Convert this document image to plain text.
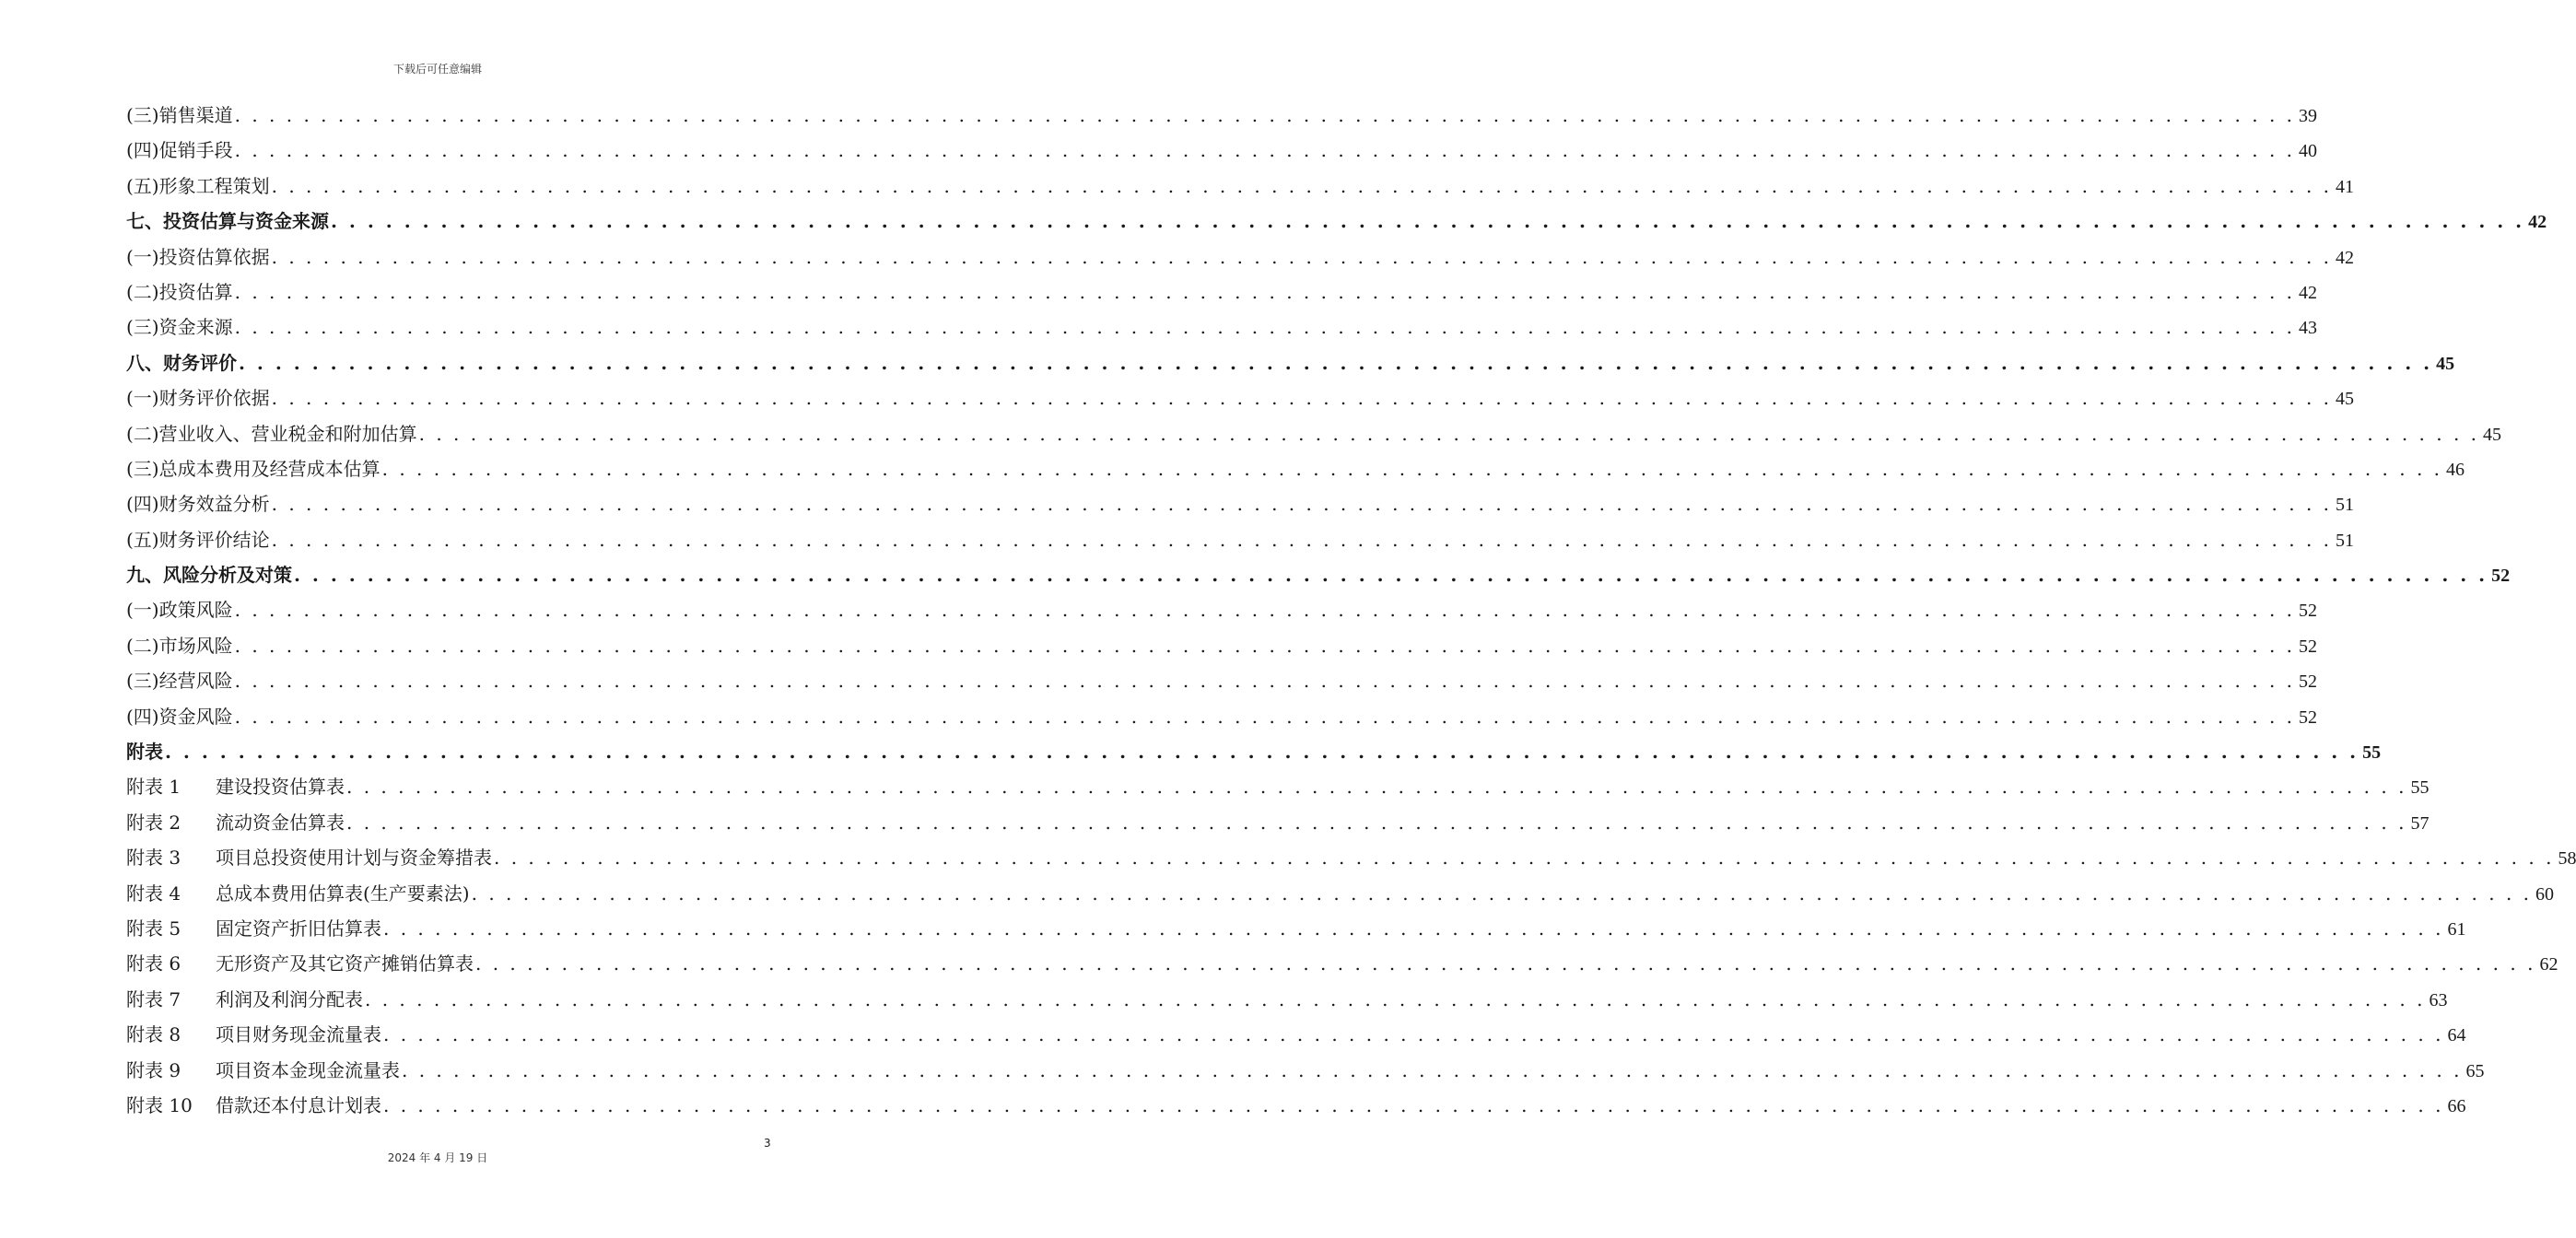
下载后可任意编辑
(三)销售渠道 . . . . . . . . . . . . . . . . . . . . . . . . . . . . . . . . . . . . . . . . . . . . . . . . . . . . . . . . . . . . . . . . . . . . . . . . . . . . . . . . . . . . . . . . . . . . . . . . . . . . . . . . . . . . . . . . . . . . . . . . 39
(四)促销手段 . . . . . . . . . . . . . . . . . . . . . . . . . . . . . . . . . . . . . . . . . . . . . . . . . . . . . . . . . . . . . . . . . . . . . . . . . . . . . . . . . . . . . . . . . . . . . . . . . . . . . . . . . . . . . . . . . . . . . . . . 40
(五)形象工程策划 . . . . . . . . . . . . . . . . . . . . . . . . . . . . . . . . . . . . . . . . . . . . . . . . . . . . . . . . . . . . . . . . . . . . . . . . . . . . . . . . . . . . . . . . . . . . . . . . . . . . . . . . . . . . . . . . . . . . . . . . 41
七、投资估算与资金来源 . . . . . . . . . . . . . . . . . . . . . . . . . . . . . . . . . . . . . . . . . . . . . . . . . . . . . . . . . . . . . . . . . . . . . . . . . . . . . . . . . . . . . . . . . . . . . . . . . . . . . . . . . . . . . . . . . . . . . . . . 42
(一)投资估算依据 . . . . . . . . . . . . . . . . . . . . . . . . . . . . . . . . . . . . . . . . . . . . . . . . . . . . . . . . . . . . . . . . . . . . . . . . . . . . . . . . . . . . . . . . . . . . . . . . . . . . . . . . . . . . . . . . . . . . . . . . 42
(二)投资估算 . . . . . . . . . . . . . . . . . . . . . . . . . . . . . . . . . . . . . . . . . . . . . . . . . . . . . . . . . . . . . . . . . . . . . . . . . . . . . . . . . . . . . . . . . . . . . . . . . . . . . . . . . . . . . . . . . . . . . . . . 42
(三)资金来源 . . . . . . . . . . . . . . . . . . . . . . . . . . . . . . . . . . . . . . . . . . . . . . . . . . . . . . . . . . . . . . . . . . . . . . . . . . . . . . . . . . . . . . . . . . . . . . . . . . . . . . . . . . . . . . . . . . . . . . . . 43
八、财务评价 . . . . . . . . . . . . . . . . . . . . . . . . . . . . . . . . . . . . . . . . . . . . . . . . . . . . . . . . . . . . . . . . . . . . . . . . . . . . . . . . . . . . . . . . . . . . . . . . . . . . . . . . . . . . . . . . . . . . . . . . 45
(一)财务评价依据 . . . . . . . . . . . . . . . . . . . . . . . . . . . . . . . . . . . . . . . . . . . . . . . . . . . . . . . . . . . . . . . . . . . . . . . . . . . . . . . . . . . . . . . . . . . . . . . . . . . . . . . . . . . . . . . . . . . . . . . . 45
(二)营业收入、营业税金和附加估算 . . . . . . . . . . . . . . . . . . . . . . . . . . . . . . . . . . . . . . . . . . . . . . . . . . . . . . . . . . . . . . . . . . . . . . . . . . . . . . . . . . . . . . . . . . . . . . . . . . . . . . . . . . . . . . . . . . . . . . . . 45
(三)总成本费用及经营成本估算 . . . . . . . . . . . . . . . . . . . . . . . . . . . . . . . . . . . . . . . . . . . . . . . . . . . . . . . . . . . . . . . . . . . . . . . . . . . . . . . . . . . . . . . . . . . . . . . . . . . . . . . . . . . . . . . . . . . . . . . . 46
(四)财务效益分析 . . . . . . . . . . . . . . . . . . . . . . . . . . . . . . . . . . . . . . . . . . . . . . . . . . . . . . . . . . . . . . . . . . . . . . . . . . . . . . . . . . . . . . . . . . . . . . . . . . . . . . . . . . . . . . . . . . . . . . . . 51
(五)财务评价结论 . . . . . . . . . . . . . . . . . . . . . . . . . . . . . . . . . . . . . . . . . . . . . . . . . . . . . . . . . . . . . . . . . . . . . . . . . . . . . . . . . . . . . . . . . . . . . . . . . . . . . . . . . . . . . . . . . . . . . . . . 51
九、风险分析及对策 . . . . . . . . . . . . . . . . . . . . . . . . . . . . . . . . . . . . . . . . . . . . . . . . . . . . . . . . . . . . . . . . . . . . . . . . . . . . . . . . . . . . . . . . . . . . . . . . . . . . . . . . . . . . . . . . . . . . . . . . 52
(一)政策风险 . . . . . . . . . . . . . . . . . . . . . . . . . . . . . . . . . . . . . . . . . . . . . . . . . . . . . . . . . . . . . . . . . . . . . . . . . . . . . . . . . . . . . . . . . . . . . . . . . . . . . . . . . . . . . . . . . . . . . . . . 52
(二)市场风险 . . . . . . . . . . . . . . . . . . . . . . . . . . . . . . . . . . . . . . . . . . . . . . . . . . . . . . . . . . . . . . . . . . . . . . . . . . . . . . . . . . . . . . . . . . . . . . . . . . . . . . . . . . . . . . . . . . . . . . . . 52
(三)经营风险 . . . . . . . . . . . . . . . . . . . . . . . . . . . . . . . . . . . . . . . . . . . . . . . . . . . . . . . . . . . . . . . . . . . . . . . . . . . . . . . . . . . . . . . . . . . . . . . . . . . . . . . . . . . . . . . . . . . . . . . . 52
(四)资金风险 . . . . . . . . . . . . . . . . . . . . . . . . . . . . . . . . . . . . . . . . . . . . . . . . . . . . . . . . . . . . . . . . . . . . . . . . . . . . . . . . . . . . . . . . . . . . . . . . . . . . . . . . . . . . . . . . . . . . . . . . 52
附表 . . . . . . . . . . . . . . . . . . . . . . . . . . . . . . . . . . . . . . . . . . . . . . . . . . . . . . . . . . . . . . . . . . . . . . . . . . . . . . . . . . . . . . . . . . . . . . . . . . . . . . . . . . . . . . . . . . . . . . . . 55
附表 1 建设投资估算表 . . . . . . . . . . . . . . . . . . . . . . . . . . . . . . . . . . . . . . . . . . . . . . . . . . . . . . . . . . . . . . . . . . . . . . . . . . . . . . . . . . . . . . . . . . . . . . . . . . . . . . . . . . . . . . . . . . . . . . . . 55
附表 2 流动资金估算表 . . . . . . . . . . . . . . . . . . . . . . . . . . . . . . . . . . . . . . . . . . . . . . . . . . . . . . . . . . . . . . . . . . . . . . . . . . . . . . . . . . . . . . . . . . . . . . . . . . . . . . . . . . . . . . . . . . . . . . . . 57
附表 3 项目总投资使用计划与资金筹措表 . . . . . . . . . . . . . . . . . . . . . . . . . . . . . . . . . . . . . . . . . . . . . . . . . . . . . . . . . . . . . . . . . . . . . . . . . . . . . . . . . . . . . . . . . . . . . . . . . . . . . . . . . . . . . . . . . . . . . . . . 58
附表 4 总成本费用估算表(生产要素法) . . . . . . . . . . . . . . . . . . . . . . . . . . . . . . . . . . . . . . . . . . . . . . . . . . . . . . . . . . . . . . . . . . . . . . . . . . . . . . . . . . . . . . . . . . . . . . . . . . . . . . . . . . . . . . . . . . . . . . . . 60
附表 5 固定资产折旧估算表 . . . . . . . . . . . . . . . . . . . . . . . . . . . . . . . . . . . . . . . . . . . . . . . . . . . . . . . . . . . . . . . . . . . . . . . . . . . . . . . . . . . . . . . . . . . . . . . . . . . . . . . . . . . . . . . . . . . . . . . . 61
附表 6 无形资产及其它资产摊销估算表 . . . . . . . . . . . . . . . . . . . . . . . . . . . . . . . . . . . . . . . . . . . . . . . . . . . . . . . . . . . . . . . . . . . . . . . . . . . . . . . . . . . . . . . . . . . . . . . . . . . . . . . . . . . . . . . . . . . . . . . . 62
附表 7 利润及利润分配表 . . . . . . . . . . . . . . . . . . . . . . . . . . . . . . . . . . . . . . . . . . . . . . . . . . . . . . . . . . . . . . . . . . . . . . . . . . . . . . . . . . . . . . . . . . . . . . . . . . . . . . . . . . . . . . . . . . . . . . . . 63
附表 8 项目财务现金流量表 . . . . . . . . . . . . . . . . . . . . . . . . . . . . . . . . . . . . . . . . . . . . . . . . . . . . . . . . . . . . . . . . . . . . . . . . . . . . . . . . . . . . . . . . . . . . . . . . . . . . . . . . . . . . . . . . . . . . . . . . 64
附表 9 项目资本金现金流量表 . . . . . . . . . . . . . . . . . . . . . . . . . . . . . . . . . . . . . . . . . . . . . . . . . . . . . . . . . . . . . . . . . . . . . . . . . . . . . . . . . . . . . . . . . . . . . . . . . . . . . . . . . . . . . . . . . . . . . . . . 65
附表 10 借款还本付息计划表 . . . . . . . . . . . . . . . . . . . . . . . . . . . . . . . . . . . . . . . . . . . . . . . . . . . . . . . . . . . . . . . . . . . . . . . . . . . . . . . . . . . . . . . . . . . . . . . . . . . . . . . . . . . . . . . . . . . . . . . . 66
3
2024 年 4 月 19 日
